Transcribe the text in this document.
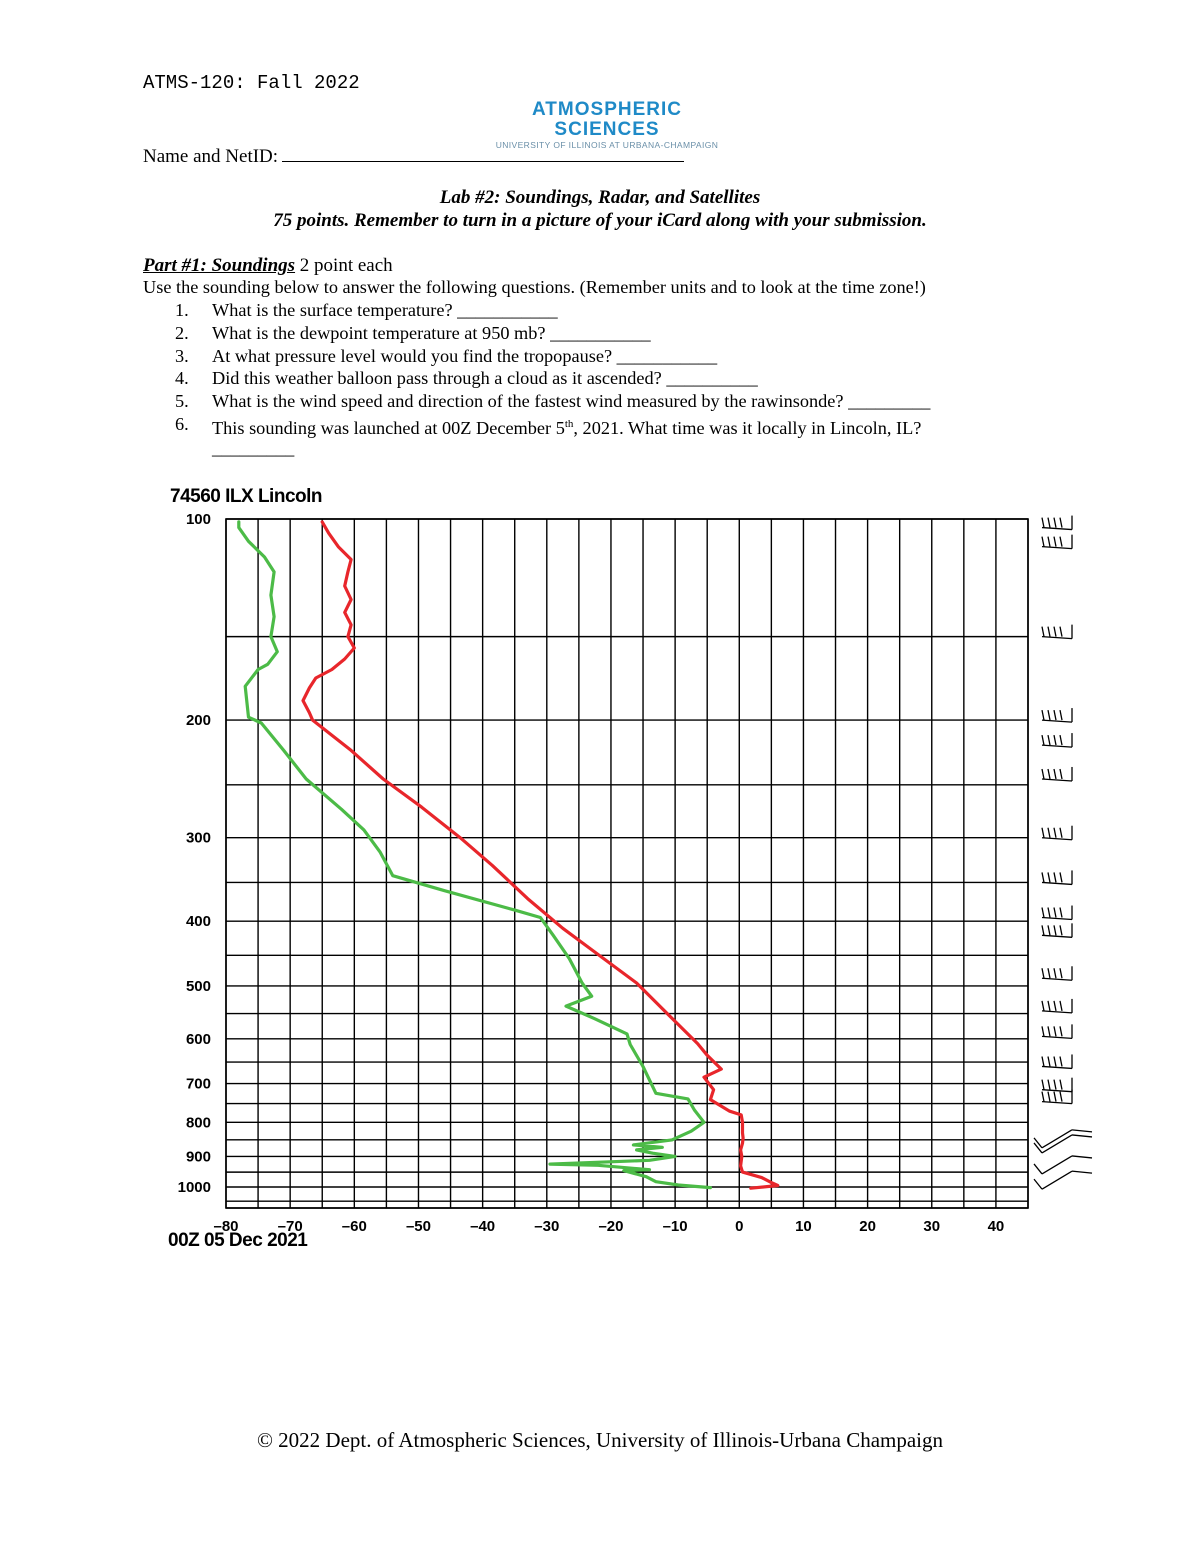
ATMS-120: Fall 2022
ATMOSPHERIC SCIENCES
UNIVERSITY OF ILLINOIS AT URBANA-CHAMPAIGN
Name and NetID:
Lab #2: Soundings, Radar, and Satellites
75 points. Remember to turn in a picture of your iCard along with your submission.
Part #1: Soundings 2 point each
Use the sounding below to answer the following questions. (Remember units and to look at the time zone!)
1. What is the surface temperature? ___________
2. What is the dewpoint temperature at 950 mb? ___________
3. At what pressure level would you find the tropopause? ___________
4. Did this weather balloon pass through a cloud as it ascended? __________
5. What is the wind speed and direction of the fastest wind measured by the rawinsonde? _________
6. This sounding was launched at 00Z December 5th, 2021. What time was it locally in Lincoln, IL?
_________
74560 ILX Lincoln
00Z 05 Dec 2021
100
200
300
400
500
600
700
800
900
1000
–80	–70	–60	–50	–40	–30	–20	–10	0	10	20	30	40
© 2022 Dept. of Atmospheric Sciences, University of Illinois-Urbana Champaign
